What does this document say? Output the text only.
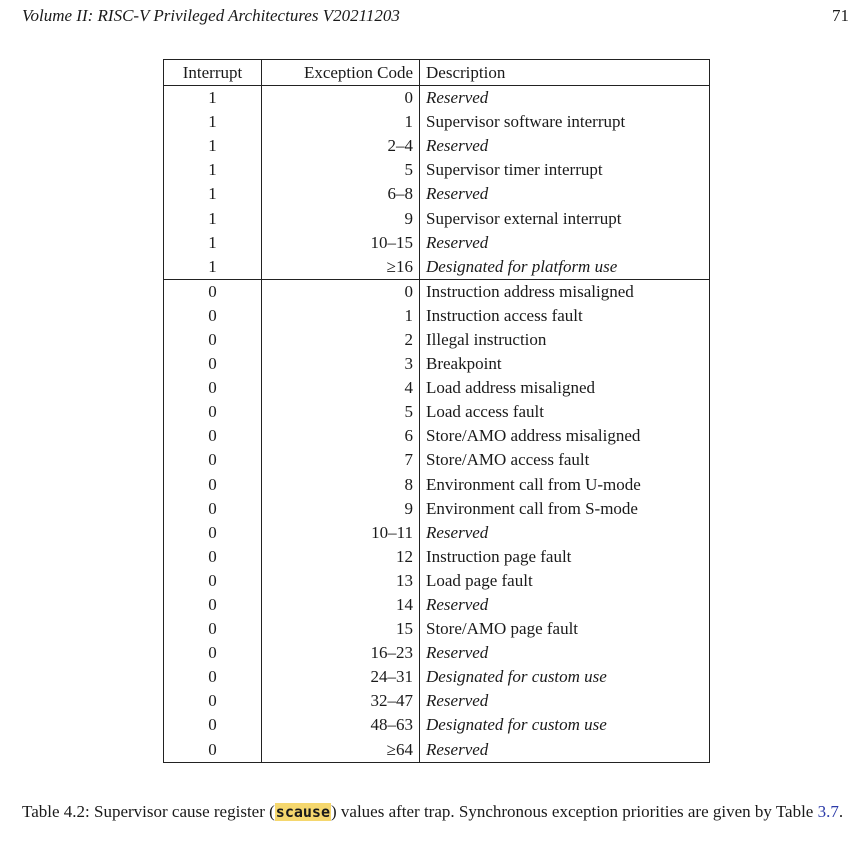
Volume II: RISC-V Privileged Architectures V20211203	71
Interrupt	Exception Code	Description
1	0	Reserved
1	1	Supervisor software interrupt
1	2–4	Reserved
1	5	Supervisor timer interrupt
1	6–8	Reserved
1	9	Supervisor external interrupt
1	10–15	Reserved
1	≥16	Designated for platform use
0	0	Instruction address misaligned
0	1	Instruction access fault
0	2	Illegal instruction
0	3	Breakpoint
0	4	Load address misaligned
0	5	Load access fault
0	6	Store/AMO address misaligned
0	7	Store/AMO access fault
0	8	Environment call from U-mode
0	9	Environment call from S-mode
0	10–11	Reserved
0	12	Instruction page fault
0	13	Load page fault
0	14	Reserved
0	15	Store/AMO page fault
0	16–23	Reserved
0	24–31	Designated for custom use
0	32–47	Reserved
0	48–63	Designated for custom use
0	≥64	Reserved
Table 4.2: Supervisor cause register (scause) values after trap. Synchronous exception priorities are given by Table 3.7.
